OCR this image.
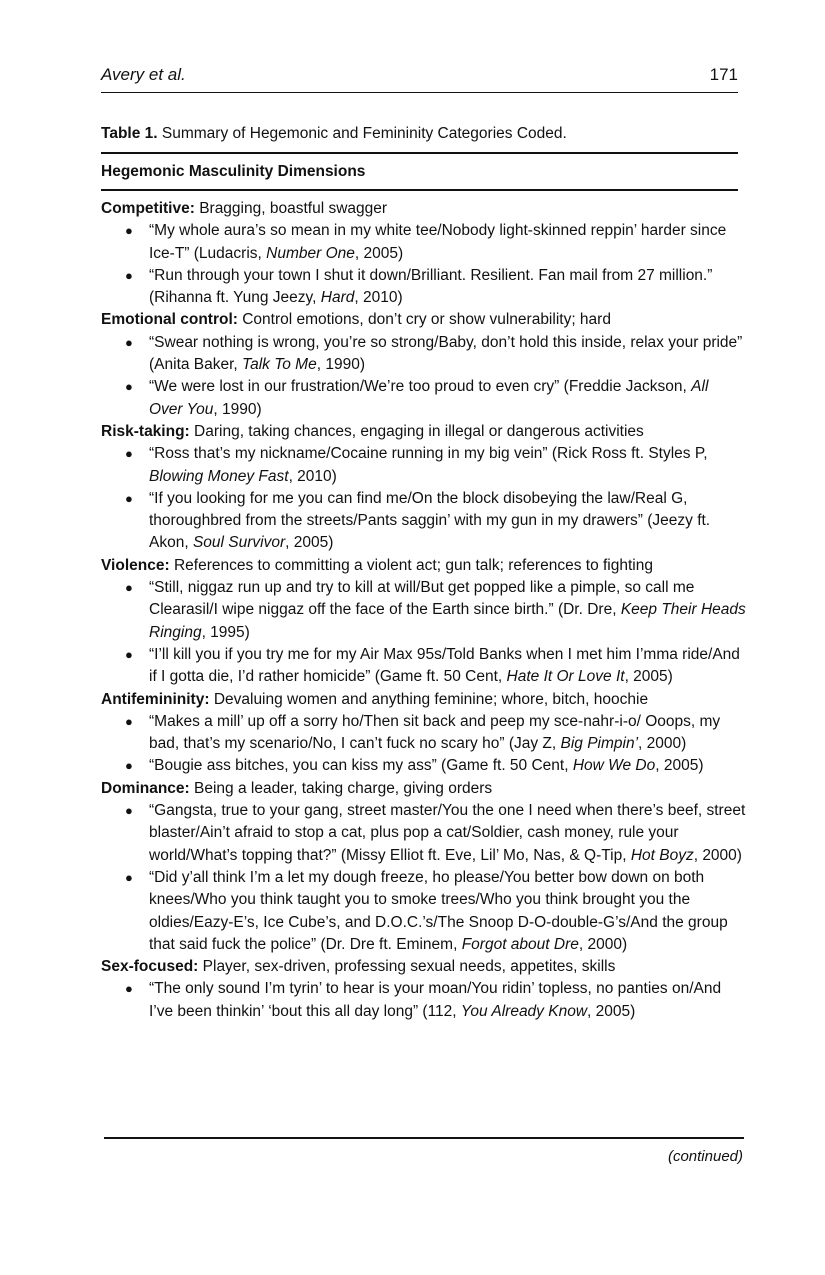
Avery et al.	171
Table 1. Summary of Hegemonic and Femininity Categories Coded.
Hegemonic Masculinity Dimensions

Competitive: Bragging, boastful swagger

● “My whole aura’s so mean in my white tee/Nobody light-skinned reppin’ harder since Ice-T” (Ludacris, Number One, 2005)
● “Run through your town I shut it down/Brilliant. Resilient. Fan mail from 27 million.” (Rihanna ft. Yung Jeezy, Hard, 2010)

Emotional control: Control emotions, don’t cry or show vulnerability; hard

● “Swear nothing is wrong, you’re so strong/Baby, don’t hold this inside, relax your pride” (Anita Baker, Talk To Me, 1990)
● “We were lost in our frustration/We’re too proud to even cry” (Freddie Jackson, All Over You, 1990)

Risk-taking: Daring, taking chances, engaging in illegal or dangerous activities

● “Ross that’s my nickname/Cocaine running in my big vein” (Rick Ross ft. Styles P, Blowing Money Fast, 2010)
● “If you looking for me you can find me/On the block disobeying the law/Real G, thoroughbred from the streets/Pants saggin’ with my gun in my drawers” (Jeezy ft. Akon, Soul Survivor, 2005)

Violence: References to committing a violent act; gun talk; references to fighting

● “Still, niggaz run up and try to kill at will/But get popped like a pimple, so call me Clearasil/I wipe niggaz off the face of the Earth since birth.” (Dr. Dre, Keep Their Heads Ringing, 1995)
● “I’ll kill you if you try me for my Air Max 95s/Told Banks when I met him I’mma ride/And if I gotta die, I’d rather homicide” (Game ft. 50 Cent, Hate It Or Love It, 2005)

Antifemininity: Devaluing women and anything feminine; whore, bitch, hoochie

● “Makes a mill’ up off a sorry ho/Then sit back and peep my sce-nahr-i-o/ Ooops, my bad, that’s my scenario/No, I can’t fuck no scary ho” (Jay Z, Big Pimpin’, 2000)
● “Bougie ass bitches, you can kiss my ass” (Game ft. 50 Cent, How We Do, 2005)

Dominance: Being a leader, taking charge, giving orders

● “Gangsta, true to your gang, street master/You the one I need when there’s beef, street blaster/Ain’t afraid to stop a cat, plus pop a cat/Soldier, cash money, rule your world/What’s topping that?” (Missy Elliot ft. Eve, Lil’ Mo, Nas, & Q-Tip, Hot Boyz, 2000)
● “Did y’all think I’m a let my dough freeze, ho please/You better bow down on both knees/Who you think taught you to smoke trees/Who you think brought you the oldies/Eazy-E’s, Ice Cube’s, and D.O.C.’s/The Snoop D-O-double-G’s/And the group that said fuck the police” (Dr. Dre ft. Eminem, Forgot about Dre, 2000)

Sex-focused: Player, sex-driven, professing sexual needs, appetites, skills

● “The only sound I’m tyrin’ to hear is your moan/You ridin’ topless, no panties on/And I’ve been thinkin’ ‘bout this all day long” (112, You Already Know, 2005)
(continued)
